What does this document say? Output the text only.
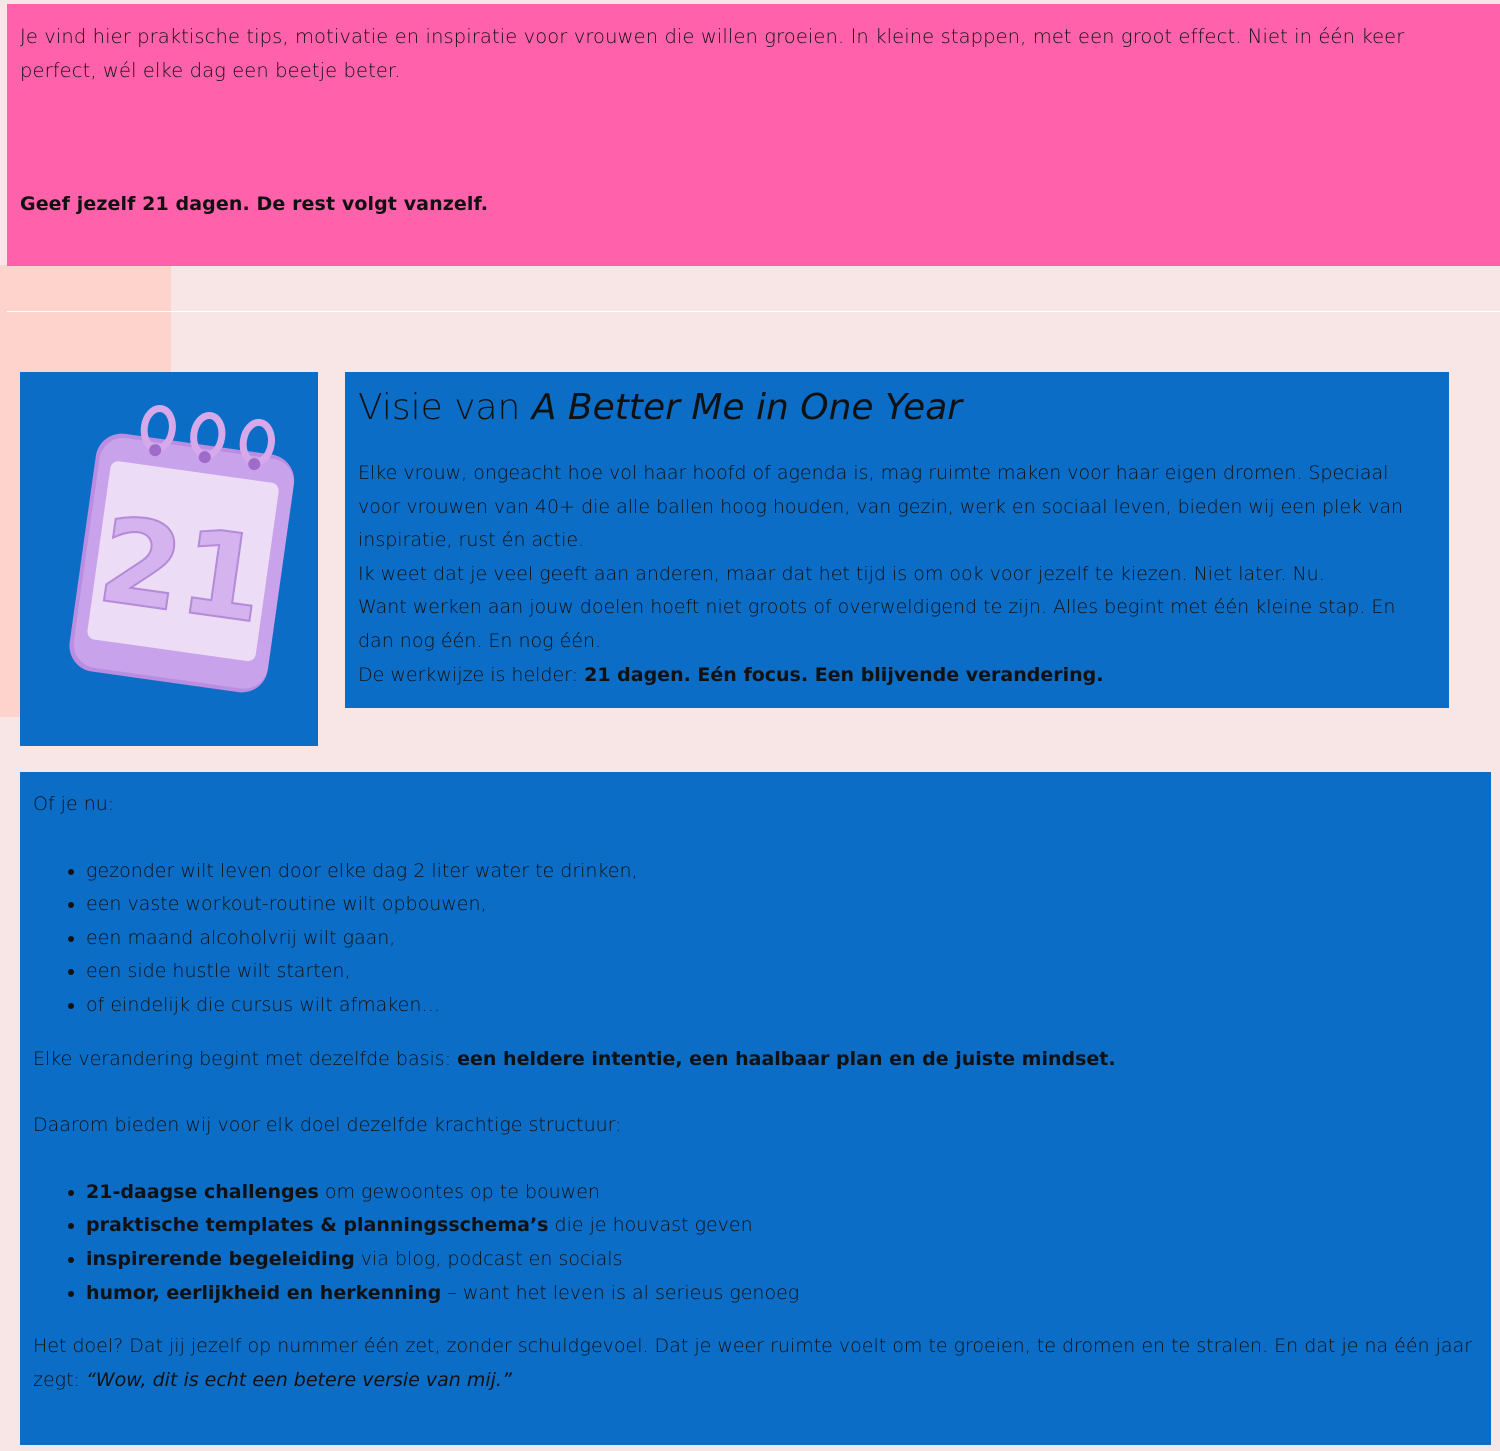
Je vind hier praktische tips, motivatie en inspiratie voor vrouwen die willen groeien. In kleine stappen, met een groot effect. Niet in één keer perfect, wél elke dag een beetje beter.

Geef jezelf 21 dagen. De rest volgt vanzelf.

21
Visie van A Better Me in One Year

Elke vrouw, ongeacht hoe vol haar hoofd of agenda is, mag ruimte maken voor haar eigen dromen. Speciaal voor vrouwen van 40+ die alle ballen hoog houden, van gezin, werk en sociaal leven, bieden wij een plek van inspiratie, rust én actie.

Ik weet dat je veel geeft aan anderen, maar dat het tijd is om ook voor jezelf te kiezen. Niet later. Nu.

Want werken aan jouw doelen hoeft niet groots of overweldigend te zijn. Alles begint met één kleine stap. En dan nog één. En nog één.

De werkwijze is helder: 21 dagen. Eén focus. Een blijvende verandering.

Of je nu:

• gezonder wilt leven door elke dag 2 liter water te drinken,
• een vaste workout-routine wilt opbouwen,
• een maand alcoholvrij wilt gaan,
• een side hustle wilt starten,
• of eindelijk die cursus wilt afmaken…

Elke verandering begint met dezelfde basis: een heldere intentie, een haalbaar plan en de juiste mindset.

Daarom bieden wij voor elk doel dezelfde krachtige structuur:

• 21-daagse challenges om gewoontes op te bouwen
• praktische templates & planningsschema’s die je houvast geven
• inspirerende begeleiding via blog, podcast en socials
• humor, eerlijkheid en herkenning – want het leven is al serieus genoeg

Het doel? Dat jij jezelf op nummer één zet, zonder schuldgevoel. Dat je weer ruimte voelt om te groeien, te dromen en te stralen. En dat je na één jaar zegt: “Wow, dit is echt een betere versie van mij.”
